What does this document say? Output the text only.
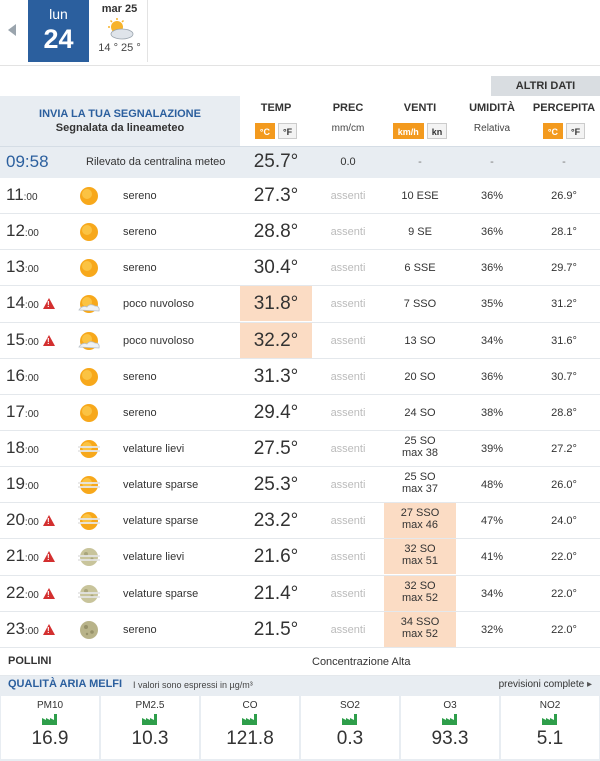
lun
24
mar 25
14 ° 25 °
ALTRI DATI
INVIA LA TUA SEGNALAZIONE
Segnalata da lineameteo
TEMP
°C	°F
PREC
mm/cm
VENTI
km/h	kn
UMIDITÀ
Relativa
PERCEPITA
°C	°F
09:58	Rilevato da centralina meteo	25.7°	0.0	-	-	-
11:00	sereno	27.3°	assenti	10 ESE	36%	26.9°
12:00	sereno	28.8°	assenti	9 SE	36%	28.1°
13:00	sereno	30.4°	assenti	6 SSE	36%	29.7°
14:00 !	poco nuvoloso	31.8°	assenti	7 SSO	35%	31.2°
15:00 !	poco nuvoloso	32.2°	assenti	13 SO	34%	31.6°
16:00	sereno	31.3°	assenti	20 SO	36%	30.7°
17:00	sereno	29.4°	assenti	24 SO	38%	28.8°
18:00	velature lievi	27.5°	assenti
25 SO
max 38	39%	27.2°
19:00	velature sparse	25.3°	assenti
25 SO
max 37	48%	26.0°
20:00 !	velature sparse	23.2°	assenti
27 SSO
max 46	47%	24.0°
21:00 !	velature lievi	21.6°	assenti
32 SO
max 51	41%	22.0°
22:00 !	velature sparse	21.4°	assenti
32 SO
max 52	34%	22.0°
23:00 !	sereno	21.5°	assenti
34 SSO
max 52	32%	22.0°
POLLINI	Concentrazione Alta
QUALITÀ ARIA MELFI I valori sono espressi in µg/m³	previsioni complete ▸
PM10
16.9
PM2.5
10.3
CO
121.8
SO2
0.3
O3
93.3
NO2
5.1
